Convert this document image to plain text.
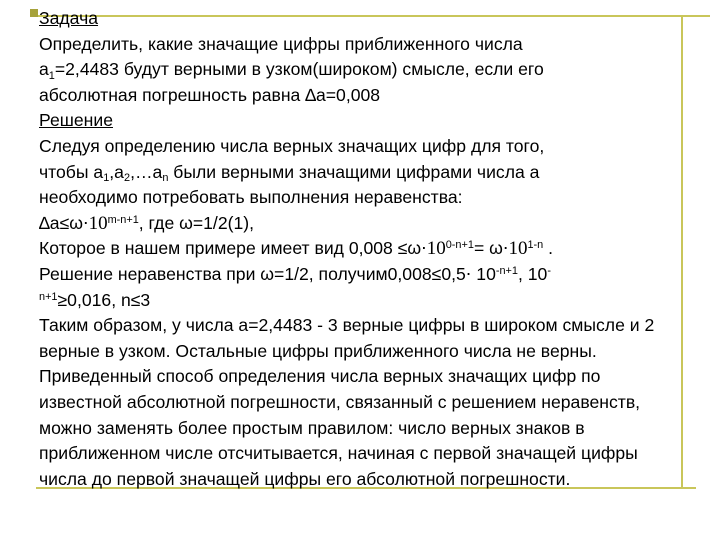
Задача

Определить, какие значащие цифры приближенного числа
$a_1=2,4483$ будут верными в узком(широком) смысле, если его
абсолютная погрешность равна ∆a=0,008

Решение

Следуя определению числа верных значащих цифр для того,
чтобы $a_1,a_2,\dots a_n$ были верными значащими цифрами числа a
необходимо потребовать выполнения неравенства:
$\Delta a\le\omega\cdot 10^{m-n+1}$, где ω=1/2(1),
Которое в нашем примере имеет вид $0,008 \le\omega\cdot 10^{0-n+1}= \omega\cdot 10^{1-n}$ .
Решение неравенства при ω=1/2, получим0,008≤0,5⋅ $10^{-n+1}$, 10-
$^{n+1}$≥0,016, n≤3

Таким образом, у числа a=2,4483 - 3 верные цифры в широком смысле и 2 верные в узком. Остальные цифры приближенного числа не верны. Приведенный способ определения числа верных значащих цифр по известной абсолютной погрешности, связанный с решением неравенств, можно заменять более простым правилом: число верных знаков в приближенном числе отсчитывается, начиная с первой значащей цифры числа до первой значащей цифры его абсолютной погрешности.
